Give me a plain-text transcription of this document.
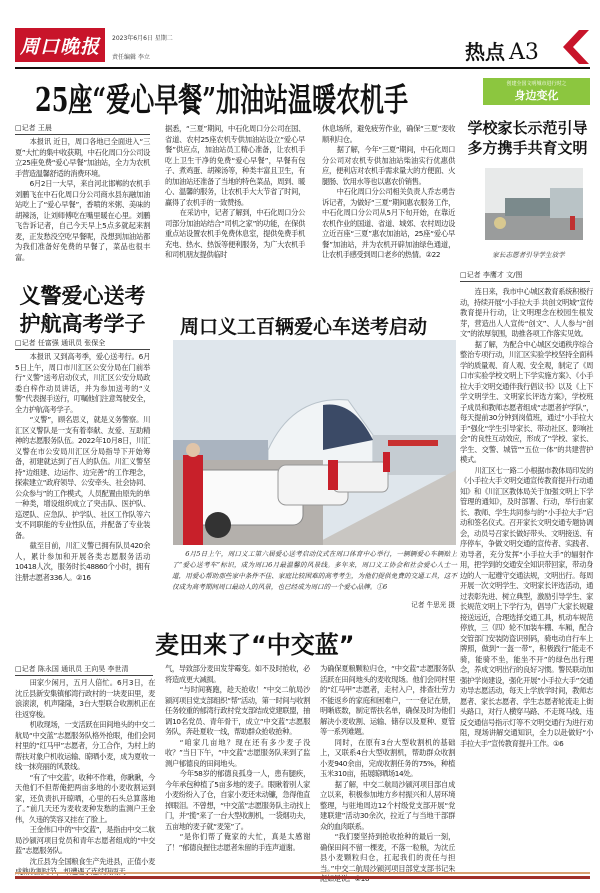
周口晚报	2023年6月6日 星期二
责任编辑 李立	热点 A3
25座“爱心早餐”加油站温暖农机手	创建全国文明城市进行时之
身边变化
□记者 王晨

本报讯 近日，周口各地已全面进入“三夏”大忙的集中收获期，中石化周口分公司设立25座免费“爱心早餐”加油站，全力为农机手营造温馨舒适的消费环境。

6月2日一大早，来自河北邯郸的农机手刘鹏飞在中石化周口分公司商水县东融加油站吃上了“爱心早餐”，香喷的米粥、美味的胡辣汤，让刘师傅吃在嘴里暖在心里。刘鹏飞告诉记者，自己今天早上5点多就起来割麦，正发愁没空吃早餐呢，没想到加油站都为我们准备好免费的早餐了，菜品也很丰富。

据悉，“三夏”期间，中石化周口分公司在国、省道、农村25座农机专供加油站设立“爱心早餐”供应点，加油站员工精心准备，让农机手吃上卫生干净的免费“爱心早餐”，早餐有包子、煮鸡蛋、胡辣汤等，种类丰富且卫生，有的加油站还准备了当地的特色菜品，周到、暖心、温馨的服务，让农机手大大节省了时间，赢得了农机手的一致赞扬。

在采访中，记者了解到，中石化周口分公司部分加油站结合“司机之家”的功能，在保供重点站设置农机手免费休息室，提供免费手机充电、热水、热饭等便利服务，为广大农机手和司机朋友提供临时

休息场所，避免疲劳作业，确保“三夏”麦收顺利归仓。

据了解，今年“三夏”期间，中石化周口分公司对农机专供加油站柴油实行优惠供应，便利店对农机手需求量大的方便面、火腿肠、饮用水等也以惠农价销售。

中石化周口分公司相关负责人乔志勇告诉记者，为做好“三夏”期间惠农服务工作，中石化周口分公司从5月下旬开始，在靠近农机作业的国道、省道、城郊、农村周边设立近百座“三夏”惠农加油站，25座“爱心早餐”加油站，并为农机开辟加油绿色通道，让农机手感受到周口老乡的热情。②22

学校家长示范引导
多方携手共育文明
家长志愿者引导学生放学
□记者 李鹰才 文/图

连日来，我市中心城区教育系统积极行动，持续开展“小手拉大手 共创文明城”宣传教育提升行动，让文明理念在校园生根发芽，营造出人人宣传“创文”、人人参与“创文”的浓厚氛围，助推各项工作落实见效。

据了解，为配合中心城区交通秩序综合整治专项行动，川汇区实验学校坚持全面科学的质量观、育人观、安全观，制定了《周口市实验学校文明上下学实施方案》、《小手拉大手文明交通伴我行倡议书》以及《上下学文明学生、文明家长评选方案》，学校班子成员和教师志愿者组成“志愿者护学队”，每天提前30分钟到岗值班，通过“小手拉大手”强化“学生引导家长、带动社区、影响社会”的良性互动效应，形成了“学校、家长、学生、交警、城管”“五位一体”的共建营护模式。

川汇区七一路二小根据市教体局印发的《小手拉大手文明交通宣传教育提升行动通知》和《川汇区教体局关于加强文明上下学管理的通知》，及时部署、行动，举行由家长、教师、学生共同参与的“小手拉大手”启动和签名仪式。召开家长文明交通专题协调会，动员号召家长做好带头、文明接送、有序停车，争做文明交通的宣传者、实践者、劝导者，充分发挥“小手拉大手”的辐射作用，把学到的交通安全知识带回家，带动身边的人一起遵守交通法规，文明出行。每周开展一次文明学生、文明家长评选活动，通过表彰先进、树立典型，激励引导学生、家长规范文明上下学行为，倡导广大家长规避接送远近，合理选择交通工具，机动车规范停放，三（四）轮不加装车棚、车厢，配合交管部门安装防盗识别码，骑电动自行车上牌照，做到“一盔一带”，积极践行“能走不骑，能骑不坐，能坐不开”的绿色出行理念，养成文明出行的良好习惯。警民联动加强护学岗建设，强化开展“小手拉大手”交通劝导志愿活动，每天上学放学时间，教师志愿者、家长志愿者、学生志愿者轮流走上街头路口，对行人横穿马路、不走斑马线、违反交通信号指示灯等不文明交通行为进行劝阻，现场讲解交通知识，全力以赴做好“小手拉大手”宣传教育提升工作。①6

义警爱心送考
护航高考学子
□记者 任富强 通讯员 张保全

本报讯 又到高考季，爱心送考行。6月5日上午，周口市川汇区公安分局在门前举行“义警”送考启动仪式，川汇区公安分局政委白梓作动员讲话，并为参加送考的“义警”代表握手送行，叮嘱他们注意驾驶安全，全力护航高考学子。

“义警”，顾名思义，就是义务警察。川汇区义警队是一支有着奉献、友爱、互助精神的志愿服务队伍。2022年10月8日，川汇义警在市公安局川汇区分局指导下开始筹备，初建就达到了百人的队伍。川汇义警坚持“边组建、边运作、边完善”的工作理念，探索建立“政府领导、公安牵头、社会协同、公众参与”的工作模式，人员配置由原先的单一种类，增设组织成立了突击队、医护队、巡逻队、应急队、护学队、社区工作队等六支不同职能的专业性队伍，并配备了专业装备。

截至目前，川汇义警已拥有队员420余人，累计参加和开展各类志愿服务活动10418人次，服务时长48860个小时，拥有注册志愿者336人。②16

周口义工百辆爱心车送考启动
6月5日上午，周口义工第六届爱心送考启动仪式在周口体育中心举行，一辆辆爱心车辆贴上了“爱心送考车”标识，成为周口6月最温馨的风景线。多年来，周口义工协会和社会爱心人士一道，用爱心帮助那些家中条件不佳、家庭比较困难的高考考生，为他们提供免费的交通工具，这不仅成为高考期间周口最动人的风景，也已经成为周口的一个爱心品牌。①6
记者 牛思光 摄
麦田来了“中交蓝”
□记者 陈永国 通讯员 王向昊 李世清

田家少闲月，五月人倍忙。6月3日，在沈丘县新安集镇郁湾行政村的一块麦田里，麦浪滚滚，机声隆隆，3台大型联合收割机正在往返穿梭。

机收现场，一支活跃在田间地头的中交二航局“中交蓝”志愿服务队格外抢眼，他们会同村里的“红马甲”志愿者，分工合作，为村上的帮扶对象户机收运输、晾晒小麦，成为夏收一线一抹亮丽的风景线。

“有了‘中交蓝’，收种不作难，你瞅瞅，今天他们不但帮俺把两亩多地的小麦收割运到家，还负责扒开晾晒，心里的石头总算落地了。”前几天还为麦收麦种发愁的监测户王金伟，久违的笑容又挂在了脸上。

王金伟口中的“中交蓝”，是指由中交二航局沙颍河项目党员和青年志愿者组成的“中交蓝”志愿服务队。

沈丘县为全国粮食生产先进县，正值小麦

气，导致部分麦田发芽霉变。如不及时抢收，必将造成更大减损。

“与时间赛跑，趁天抢收！”中交二航局沙颍河项目党支部组织“帮”活动，第一时间与收割任务较重的郁湾行政村党支部结成党建联盟，抽调10名党员、青年骨干，成立“中交蓝”志愿服务队，奔赴夏收一线，帮助群众抢收抢种。

“咱家几亩地？现在还有多少麦子没收？”当日下午，“中交蓝”志愿服务队来到了监测户郁德良的田间地头。

今年58岁的郁德良孤身一人，患有腿疾，今年承包种植了5亩多地的麦子。眼瞅着别人家小麦纷纷入了仓，自家小麦还未动镰，急得他直掉眼泪。不曾想，“中交蓝”志愿服务队主动找上门，并“揽”来了一台大型收割机，一袋烟功夫，五亩地的麦子就“麦笼”了。

“是你们帮了俺家的大忙，真是太感谢了！”郁德良握住志愿者朱留的手连声道谢。

为确保夏粮颗粒归仓，“中交蓝”志愿服务队活跃在田间地头的麦收现场。他们会同村里的“红马甲”志愿者，走村入户，排查壮劳力不能返乡的家庭和困难户，一一登记在册，明晰底数，制定帮扶名单，确保及时为他们解决小麦收割、运输、储存以及夏种、夏管等一系列难题。

同时，在原有3台大型收割机的基础上，又联系4台大型收割机，帮助群众收割小麦940余亩，完成收割任务的75%，种植玉米310亩，拓展晾晒场14处。

据了解，中交二航局沙颍河项目部自成立以来，积极参加地方乡村振兴和人居环境整理，与驻地周边12个村级党支部开展“党建联建”活动30余次，拉近了与当地干部群众的血肉联系。

“我们要坚持到抢收抢种的最后一刻，确保田间不留一棵麦，不落一粒粮，为沈丘县小麦颗粒归仓，扛起我们的责任与担当。”中交二航局沙颍河项目部党支部书记朱
